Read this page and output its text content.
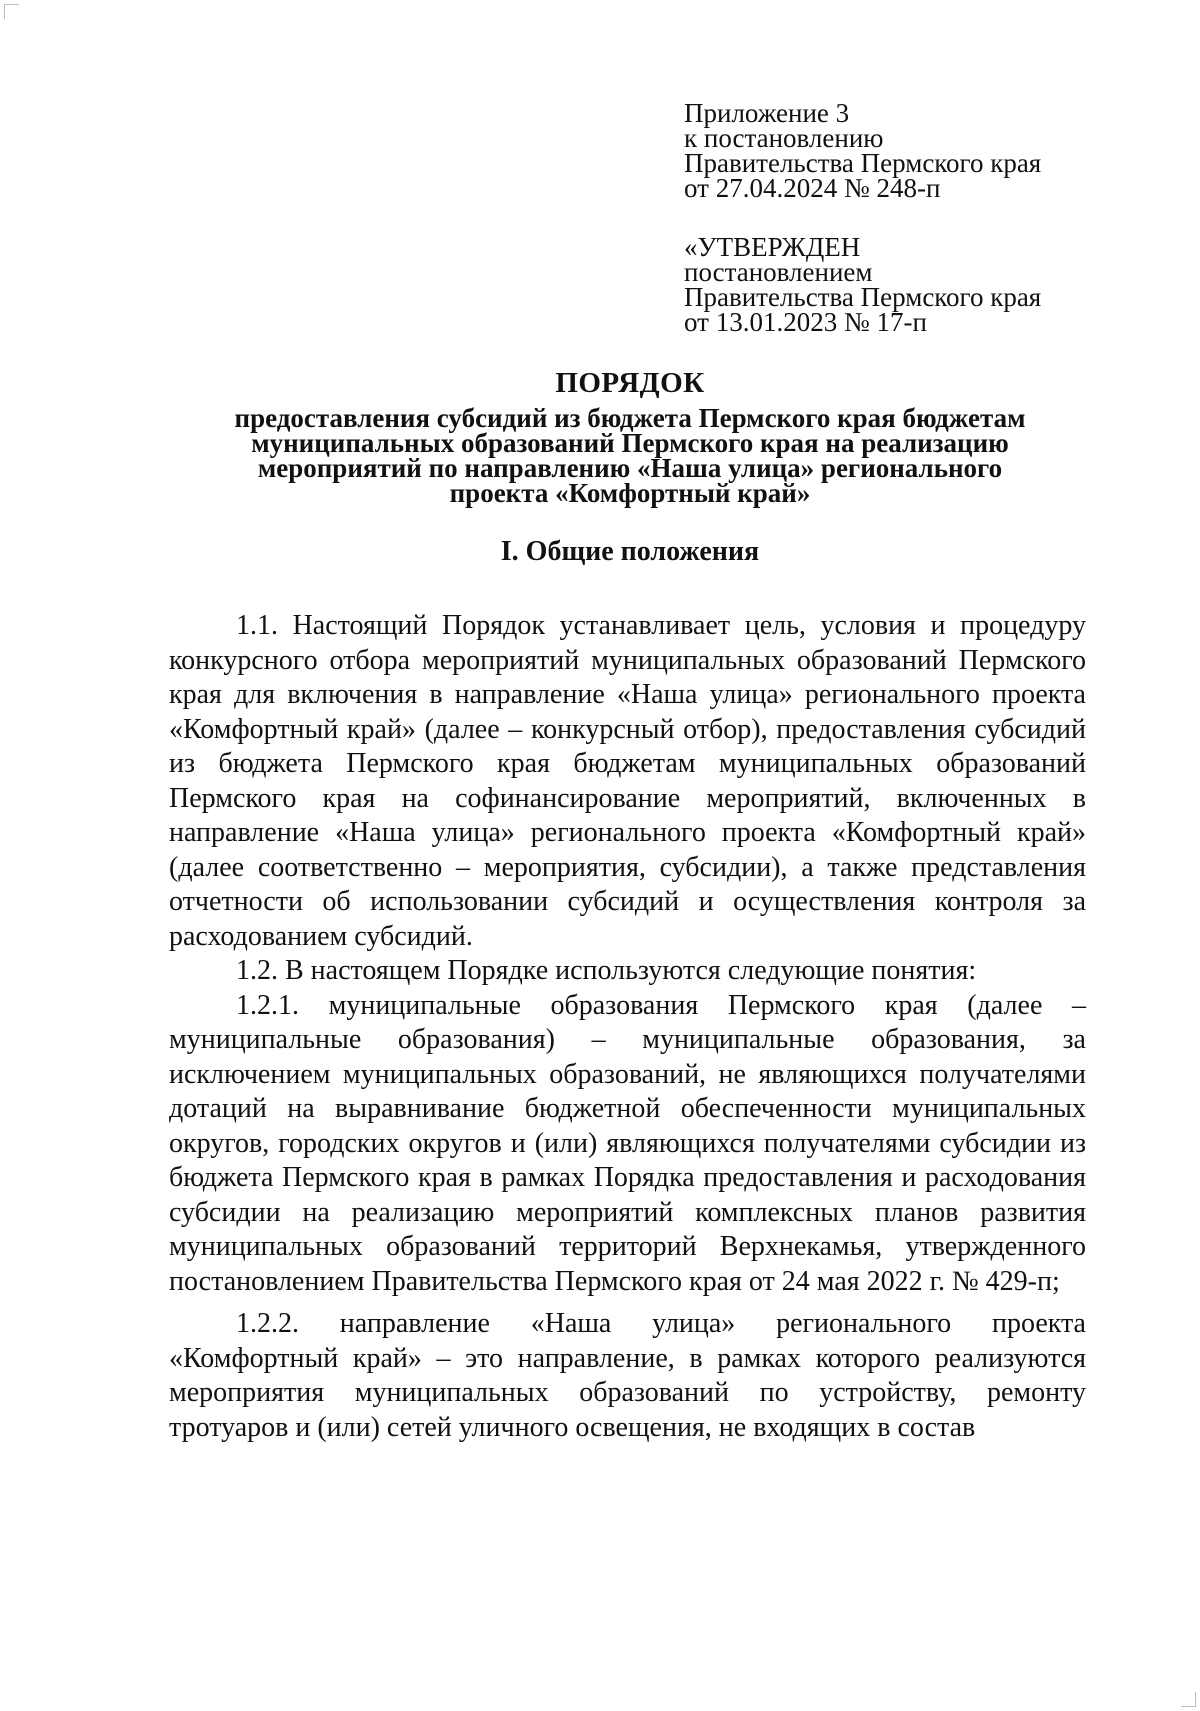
Приложение 3
к постановлению
Правительства Пермского края
от 27.04.2024 № 248-п
«УТВЕРЖДЕН
постановлением
Правительства Пермского края
от 13.01.2023 № 17-п
ПОРЯДОК
предоставления субсидий из бюджета Пермского края бюджетам
муниципальных образований Пермского края на реализацию
мероприятий по направлению «Наша улица» регионального
проекта «Комфортный край»
I. Общие положения

1.1. Настоящий Порядок устанавливает цель, условия и процедуру конкурсного отбора мероприятий муниципальных образований Пермского края для включения в направление «Наша улица» регионального проекта «Комфортный край» (далее – конкурсный отбор), предоставления субсидий из бюджета Пермского края бюджетам муниципальных образований Пермского края на софинансирование мероприятий, включенных в направление «Наша улица» регионального проекта «Комфортный край» (далее соответственно – мероприятия, субсидии), а также представления отчетности об использовании субсидий и осуществления контроля за расходованием субсидий.

1.2. В настоящем Порядке используются следующие понятия:

1.2.1. муниципальные образования Пермского края (далее – муниципальные образования) – муниципальные образования, за исключением муниципальных образований, не являющихся получателями дотаций на выравнивание бюджетной обеспеченности муниципальных округов, городских округов и (или) являющихся получателями субсидии из бюджета Пермского края в рамках Порядка предоставления и расходования субсидии на реализацию мероприятий комплексных планов развития муниципальных образований территорий Верхнекамья, утвержденного постановлением Правительства Пермского края от 24 мая 2022 г. № 429-п;

1.2.2. направление «Наша улица» регионального проекта «Комфортный край» – это направление, в рамках которого реализуются мероприятия муниципальных образований по устройству, ремонту тротуаров и (или) сетей уличного освещения, не входящих в состав
